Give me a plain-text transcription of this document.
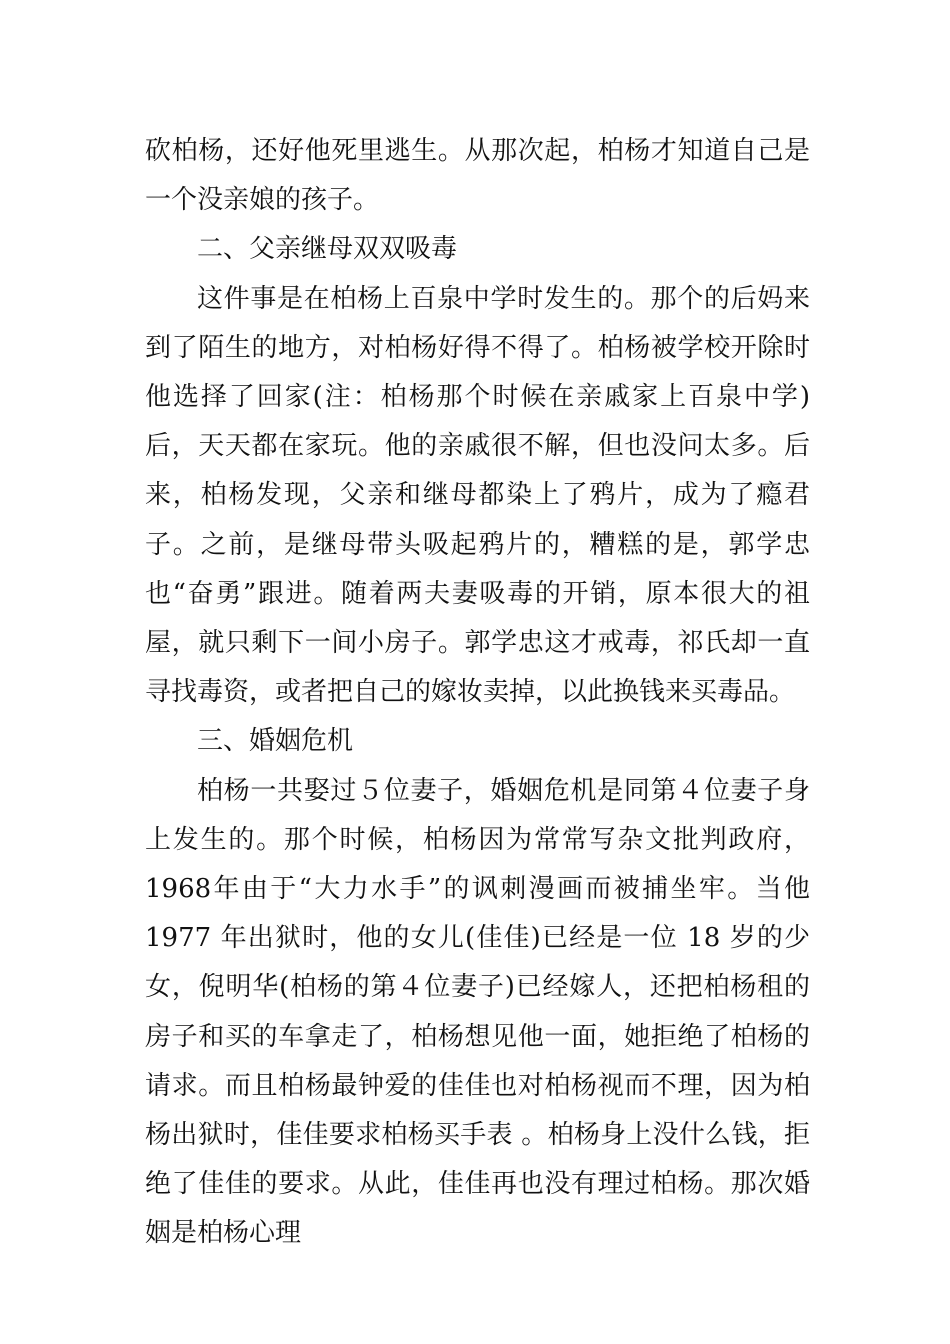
砍柏杨，还好他死里逃生。从那次起，柏杨才知道自己是一个没亲娘的孩子。

二、父亲继母双双吸毒

这件事是在柏杨上百泉中学时发生的。那个的后妈来到了陌生的地方，对柏杨好得不得了。柏杨被学校开除时他选择了回家(注：柏杨那个时候在亲戚家上百泉中学)后，天天都在家玩。他的亲戚很不解，但也没问太多。后来，柏杨发现，父亲和继母都染上了鸦片，成为了瘾君子。之前，是继母带头吸起鸦片的，糟糕的是，郭学忠也“奋勇”跟进。随着两夫妻吸毒的开销，原本很大的祖屋，就只剩下一间小房子。郭学忠这才戒毒，祁氏却一直寻找毒资，或者把自己的嫁妆卖掉，以此换钱来买毒品。

三、婚姻危机

柏杨一共娶过５位妻子，婚姻危机是同第４位妻子身上发生的。那个时候，柏杨因为常常写杂文批判政府，1968年由于“大力水手”的讽刺漫画而被捕坐牢。当他 1977 年出狱时，他的女儿(佳佳)已经是一位 18 岁的少女，倪明华(柏杨的第４位妻子)已经嫁人，还把柏杨租的房子和买的车拿走了，柏杨想见他一面，她拒绝了柏杨的请求。而且柏杨最钟爱的佳佳也对柏杨视而不理，因为柏杨出狱时，佳佳要求柏杨买手表 。柏杨身上没什么钱，拒绝了佳佳的要求。从此，佳佳再也没有理过柏杨。那次婚姻是柏杨心理
